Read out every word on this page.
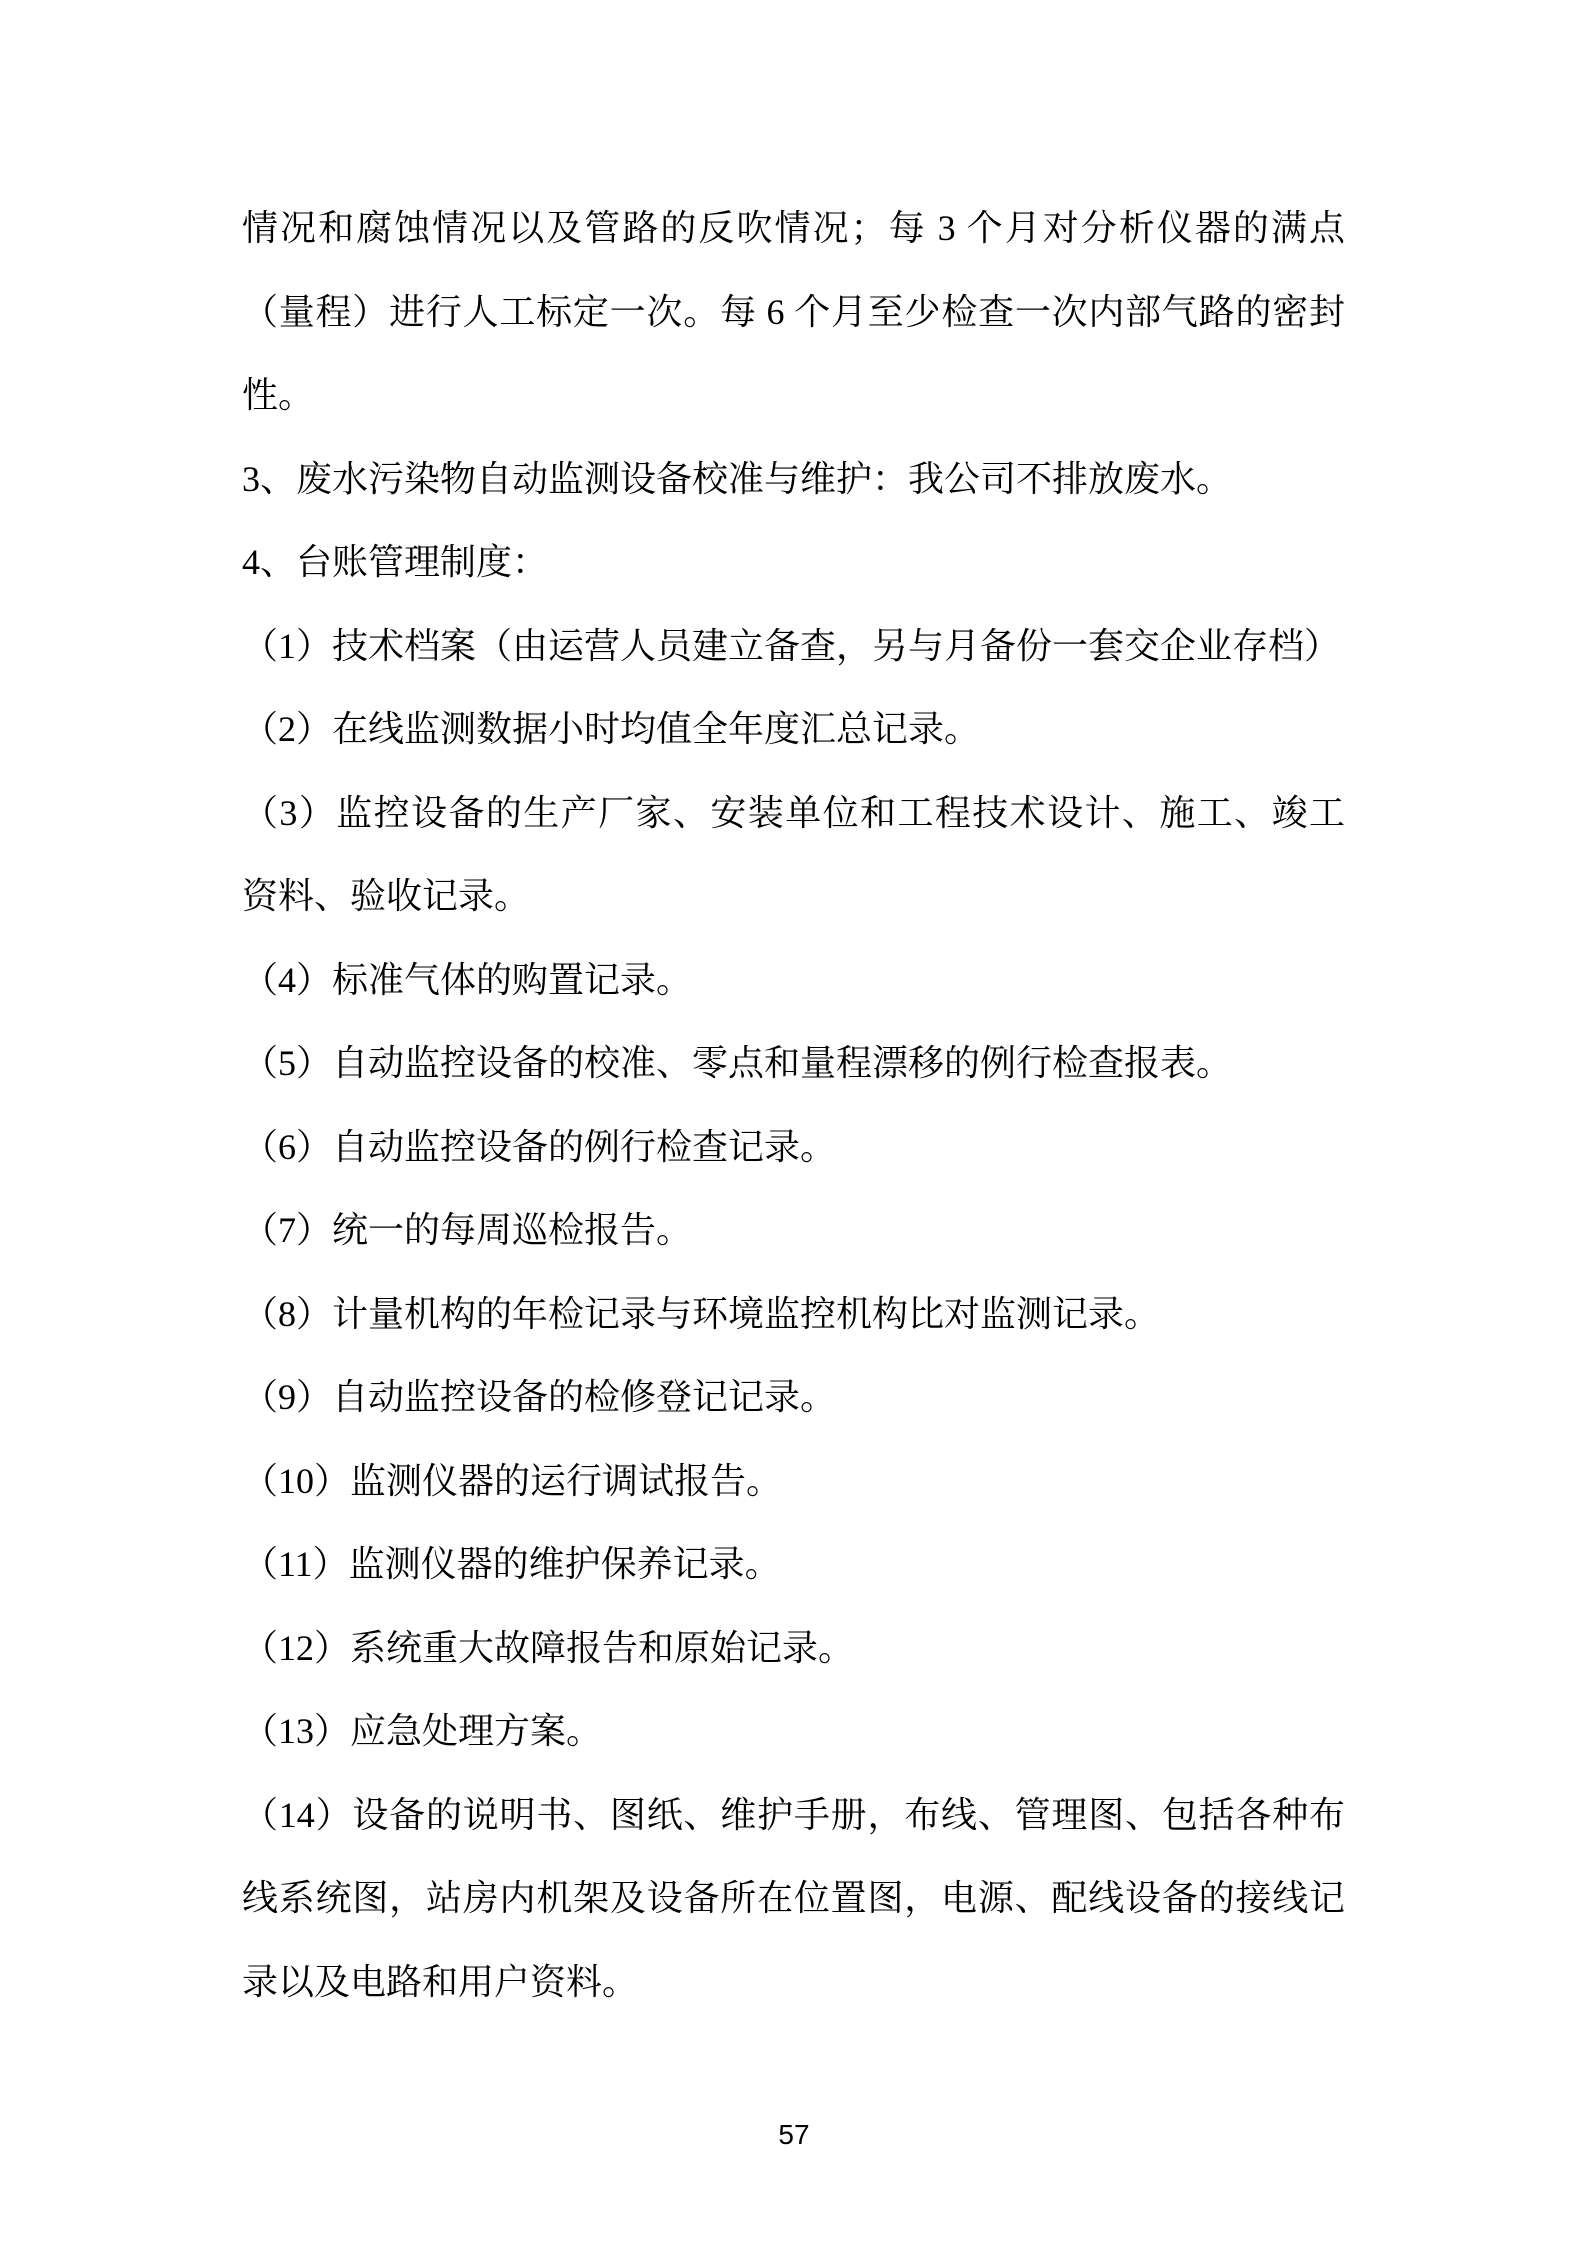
情况和腐蚀情况以及管路的反吹情况；每 3 个月对分析仪器的满点
（量程）进行人工标定一次。每 6 个月至少检查一次内部气路的密封
性。
3、废水污染物自动监测设备校准与维护：我公司不排放废水。
4、台账管理制度：
（1）技术档案（由运营人员建立备查，另与月备份一套交企业存档）
（2）在线监测数据小时均值全年度汇总记录。
（3）监控设备的生产厂家、安装单位和工程技术设计、施工、竣工
资料、验收记录。
（4）标准气体的购置记录。
（5）自动监控设备的校准、零点和量程漂移的例行检查报表。
（6）自动监控设备的例行检查记录。
（7）统一的每周巡检报告。
（8）计量机构的年检记录与环境监控机构比对监测记录。
（9）自动监控设备的检修登记记录。
（10）监测仪器的运行调试报告。
（11）监测仪器的维护保养记录。
（12）系统重大故障报告和原始记录。
（13）应急处理方案。
（14）设备的说明书、图纸、维护手册，布线、管理图、包括各种布
线系统图，站房内机架及设备所在位置图，电源、配线设备的接线记
录以及电路和用户资料。
57
